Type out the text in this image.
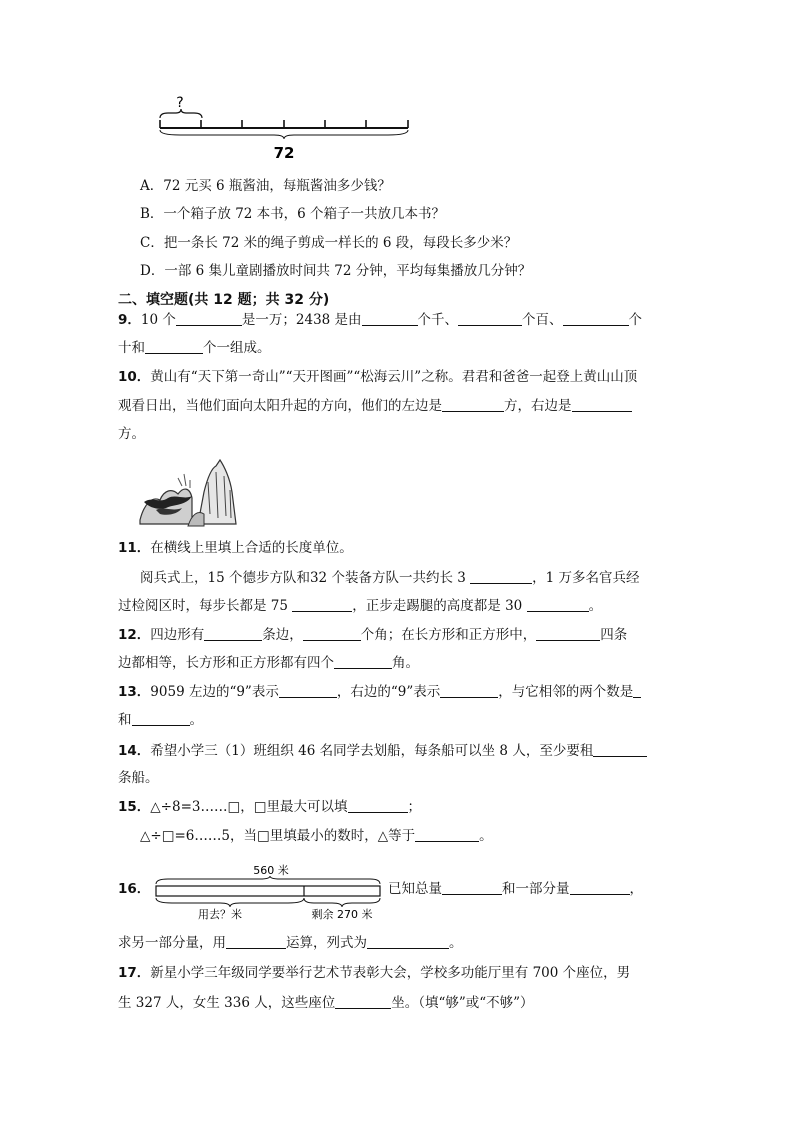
?
72
A．72 元买 6 瓶酱油，每瓶酱油多少钱？
B．一个箱子放 72 本书，6 个箱子一共放几本书？
C．把一条长 72 米的绳子剪成一样长的 6 段，每段长多少米？
D．一部 6 集儿童剧播放时间共 72 分钟，平均每集播放几分钟？
二、填空题(共 12 题；共 32 分)
9．10 个	是一万；2438 是由	个千、	个百、	个
十和	个一组成。
10．黄山有“天下第一奇山”“天开图画”“松海云川”之称。君君和爸爸一起登上黄山山顶
观看日出，当他们面向太阳升起的方向，他们的左边是	方，右边是
方。
11．在横线上里填上合适的长度单位。
阅兵式上，15 个德步方队和32 个装备方队一共约长 3	，1 万多名官兵经
过检阅区时，每步长都是 75	，正步走踢腿的高度都是 30	。
12．四边形有	条边，	个角；在长方形和正方形中，	四条
边都相等，长方形和正方形都有四个	角。
13．9059 左边的“9”表示	，右边的“9”表示	，与它相邻的两个数是
和	。
14．希望小学三（1）班组织 46 名同学去划船，每条船可以坐 8 人，至少要租
条船。
15．△÷8=3……□，□里最大可以填	；
△÷□=6……5，当□里填最小的数时，△等于	。
16．
560 米
用去？米	剩余 270 米
已知总量	和一部分量	，
求另一部分量，用	运算，列式为	。
17．新星小学三年级同学要举行艺术节表彰大会，学校多功能厅里有 700 个座位，男
生 327 人，女生 336 人，这些座位	坐。（填“够”或“不够”）
